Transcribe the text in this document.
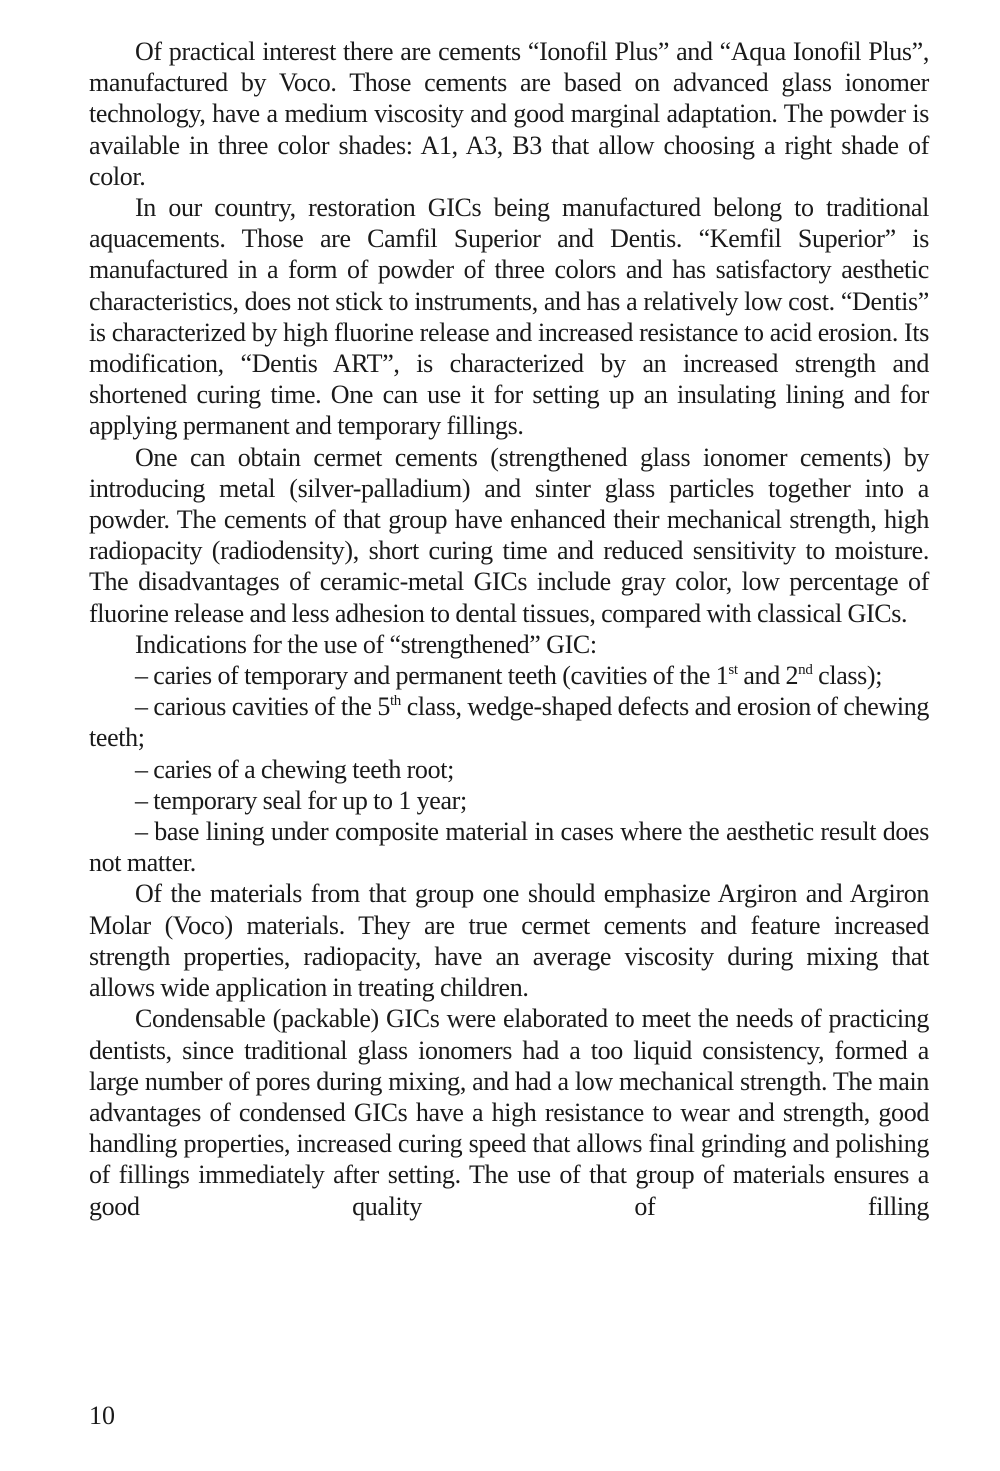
Of practical interest there are cements “Ionofil Plus” and “Aqua Ionofil Plus”, manufactured by Voco. Those cements are based on advanced glass ionomer technology, have a medium viscosity and good marginal adaptation. The powder is available in three color shades: A1, A3, B3 that allow choosing a right shade of color.

In our country, restoration GICs being manufactured belong to traditional aquacements. Those are Camfil Superior and Dentis. “Kemfil Superior” is manufactured in a form of powder of three colors and has satisfactory aesthetic characteristics, does not stick to instruments, and has a relatively low cost. “Dentis” is characterized by high fluorine release and increased resistance to acid erosion. Its modification, “Dentis ART”, is characterized by an increased strength and shortened curing time. One can use it for setting up an insulating lining and for applying permanent and temporary fillings.

One can obtain cermet cements (strengthened glass ionomer cements) by introducing metal (silver-palladium) and sinter glass particles together into a powder. The cements of that group have enhanced their mechanical strength, high radiopacity (radiodensity), short curing time and reduced sensitivity to moisture. The disadvantages of ceramic-metal GICs include gray color, low percentage of fluorine release and less adhesion to dental tissues, compared with classical GICs.

Indications for the use of “strengthened” GIC:

– caries of temporary and permanent teeth (cavities of the 1st and 2nd class);

– carious cavities of the 5th class, wedge-shaped defects and erosion of chewing teeth;

– caries of a chewing teeth root;

– temporary seal for up to 1 year;

– base lining under composite material in cases where the aesthetic result does not matter.

Of the materials from that group one should emphasize Argiron and Argiron Molar (Voco) materials. They are true cermet cements and feature increased strength properties, radiopacity, have an average viscosity during mixing that allows wide application in treating children.

Condensable (packable) GICs were elaborated to meet the needs of practicing dentists, since traditional glass ionomers had a too liquid consistency, formed a large number of pores during mixing, and had a low mechanical strength. The main advantages of condensed GICs have a high resistance to wear and strength, good handling properties, increased curing speed that allows final grinding and polishing of fillings immediately after setting. The use of that group of materials ensures a good quality of filling

10
